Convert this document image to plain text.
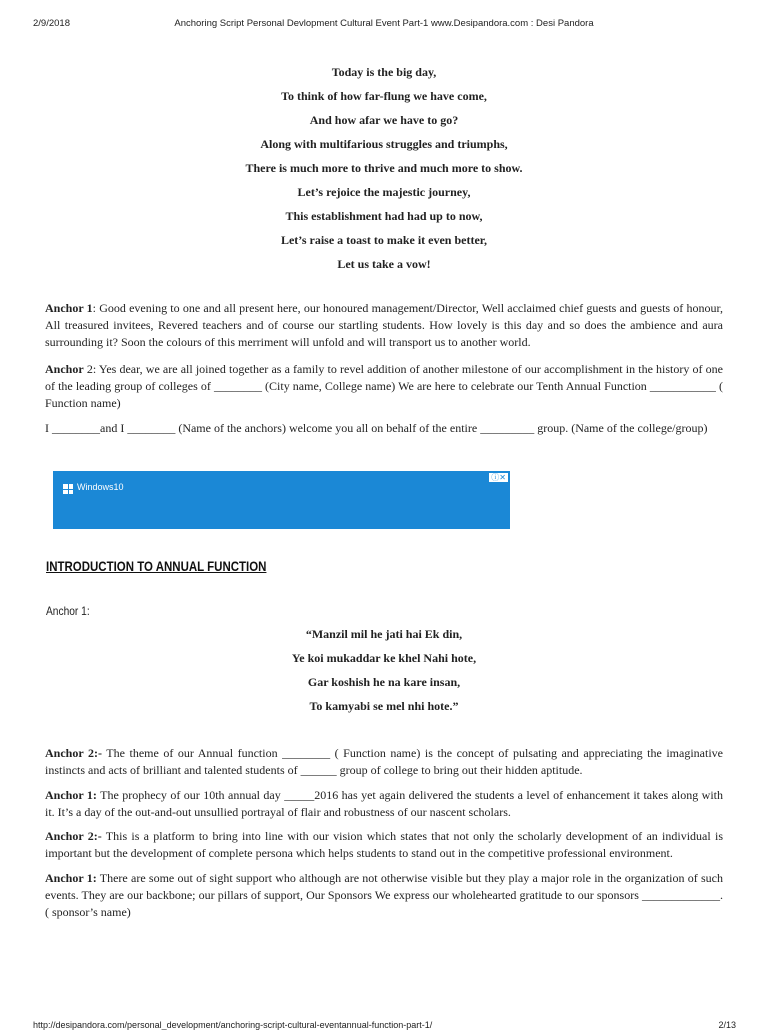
2/9/2018	Anchoring Script Personal Devlopment Cultural Event Part-1 www.Desipandora.com : Desi Pandora
Today is the big day,
To think of how far-flung we have come,
And how afar we have to go?
Along with multifarious struggles and triumphs,
There is much more to thrive and much more to show.
Let’s rejoice the majestic journey,
This establishment had had up to now,
Let’s raise a toast to make it even better,
Let us take a vow!
Anchor 1: Good evening to one and all present here, our honoured management/Director, Well acclaimed chief guests and guests of honour, All treasured invitees, Revered teachers and of course our startling students. How lovely is this day and so does the ambience and aura surrounding it? Soon the colours of this merriment will unfold and will transport us to another world.
Anchor 2: Yes dear, we are all joined together as a family to revel addition of another milestone of our accomplishment in the history of one of the leading group of colleges of ________ (City name, College name) We are here to celebrate our Tenth Annual Function ___________ ( Function name)
I ________and I ________ (Name of the anchors) welcome you all on behalf of the entire _________ group. (Name of the college/group)
Windows10
ⓘ✕
INTRODUCTION TO ANNUAL FUNCTION
Anchor 1:
“Manzil mil he jati hai Ek din,
Ye koi mukaddar ke khel Nahi hote,
Gar koshish he na kare insan,
To kamyabi se mel nhi hote.”
Anchor 2:- The theme of our Annual function ________ ( Function name) is the concept of pulsating and appreciating the imaginative instincts and acts of brilliant and talented students of ______ group of college to bring out their hidden aptitude.
Anchor 1: The prophecy of our 10th annual day _____2016 has yet again delivered the students a level of enhancement it takes along with it. It’s a day of the out-and-out unsullied portrayal of flair and robustness of our nascent scholars.
Anchor 2:- This is a platform to bring into line with our vision which states that not only the scholarly development of an individual is important but the development of complete persona which helps students to stand out in the competitive professional environment.
Anchor 1: There are some out of sight support who although are not otherwise visible but they play a major role in the organization of such events. They are our backbone; our pillars of support, Our Sponsors We express our wholehearted gratitude to our sponsors _____________. ( sponsor’s name)
http://desipandora.com/personal_development/anchoring-script-cultural-eventannual-function-part-1/	2/13
